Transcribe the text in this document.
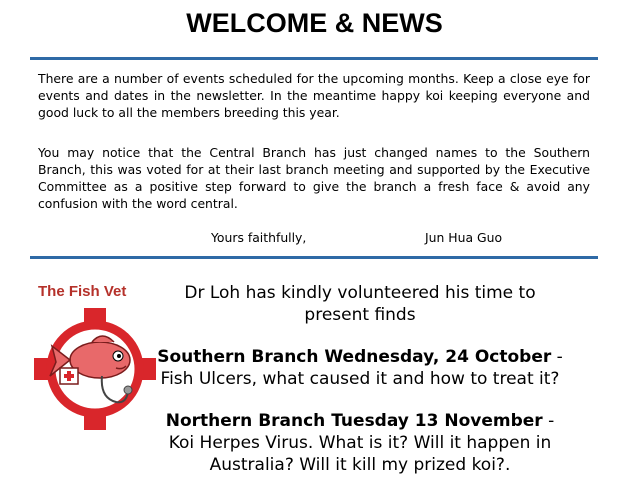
WELCOME & NEWS

There are a number of events scheduled for the upcoming months. Keep a close eye for events and dates in the newsletter. In the meantime happy koi keeping everyone and good luck to all the members breeding this year.

You may notice that the Central Branch has just changed names to the Southern Branch, this was voted for at their last branch meeting and supported by the Executive Committee as a positive step forward to give the branch a fresh face & avoid any confusion with the word central.

Yours faithfully,	Jun Hua Guo
The Fish Vet	Dr Loh has kindly volunteered his time to
present finds
Southern Branch Wednesday, 24 October -
Fish Ulcers, what caused it and how to treat it?
Northern Branch Tuesday 13 November -
Koi Herpes Virus. What is it? Will it happen in
Australia? Will it kill my prized koi?.
